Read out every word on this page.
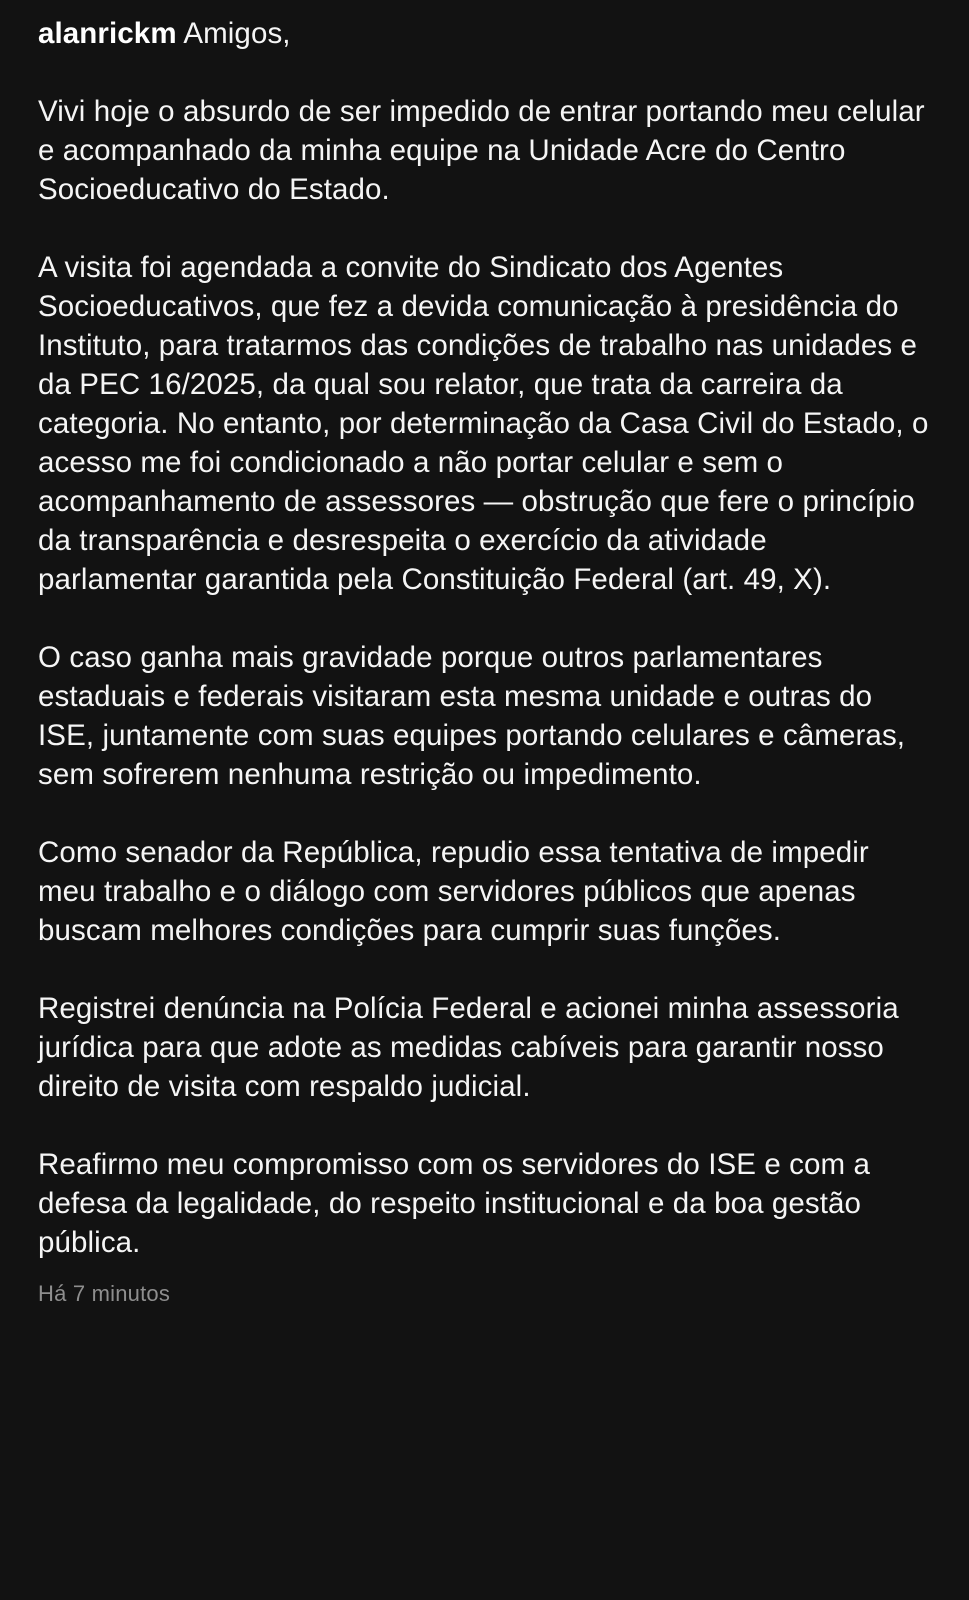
alanrickm Amigos,

Vivi hoje o absurdo de ser impedido de entrar portando meu celular e acompanhado da minha equipe na Unidade Acre do Centro Socioeducativo do Estado.

A visita foi agendada a convite do Sindicato dos Agentes Socioeducativos, que fez a devida comunicação à presidência do Instituto, para tratarmos das condições de trabalho nas unidades e da PEC 16/2025, da qual sou relator, que trata da carreira da categoria. No entanto, por determinação da Casa Civil do Estado, o acesso me foi condicionado a não portar celular e sem o acompanhamento de assessores — obstrução que fere o princípio da transparência e desrespeita o exercício da atividade parlamentar garantida pela Constituição Federal (art. 49, X).

O caso ganha mais gravidade porque outros parlamentares estaduais e federais visitaram esta mesma unidade e outras do ISE, juntamente com suas equipes portando celulares e câmeras, sem sofrerem nenhuma restrição ou impedimento.

Como senador da República, repudio essa tentativa de impedir meu trabalho e o diálogo com servidores públicos que apenas buscam melhores condições para cumprir suas funções.

Registrei denúncia na Polícia Federal e acionei minha assessoria jurídica para que adote as medidas cabíveis para garantir nosso direito de visita com respaldo judicial.

Reafirmo meu compromisso com os servidores do ISE e com a defesa da legalidade, do respeito institucional e da boa gestão pública.

Há 7 minutos
